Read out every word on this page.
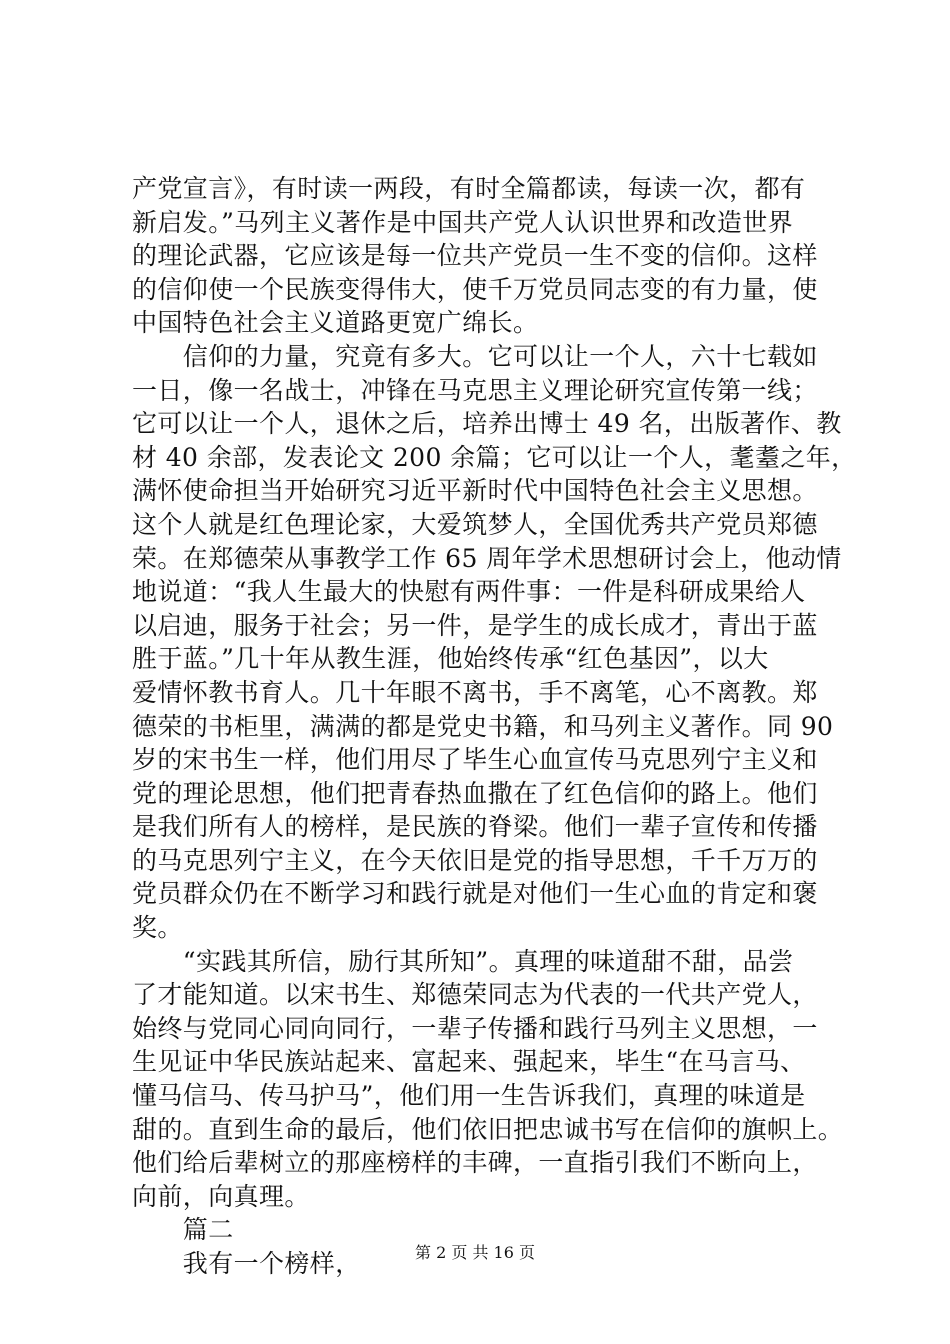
产党宣言》，有时读一两段，有时全篇都读，每读一次，都有
新启发。”马列主义著作是中国共产党人认识世界和改造世界
的理论武器，它应该是每一位共产党员一生不变的信仰。这样
的信仰使一个民族变得伟大，使千万党员同志变的有力量，使
中国特色社会主义道路更宽广绵长。
　　信仰的力量，究竟有多大。它可以让一个人，六十七载如
一日，像一名战士，冲锋在马克思主义理论研究宣传第一线；
它可以让一个人，退休之后，培养出博士 49 名，出版著作、教
材 40 余部，发表论文 200 余篇；它可以让一个人，耄耋之年，
满怀使命担当开始研究习近平新时代中国特色社会主义思想。
这个人就是红色理论家，大爱筑梦人，全国优秀共产党员郑德
荣。在郑德荣从事教学工作 65 周年学术思想研讨会上，他动情
地说道：“我人生最大的快慰有两件事：一件是科研成果给人
以启迪，服务于社会；另一件，是学生的成长成才，青出于蓝
胜于蓝。”几十年从教生涯，他始终传承“红色基因”，以大
爱情怀教书育人。几十年眼不离书，手不离笔，心不离教。郑
德荣的书柜里，满满的都是党史书籍，和马列主义著作。同 90
岁的宋书生一样，他们用尽了毕生心血宣传马克思列宁主义和
党的理论思想，他们把青春热血撒在了红色信仰的路上。他们
是我们所有人的榜样，是民族的脊梁。他们一辈子宣传和传播
的马克思列宁主义，在今天依旧是党的指导思想，千千万万的
党员群众仍在不断学习和践行就是对他们一生心血的肯定和褒
奖。
　　“实践其所信，励行其所知”。真理的味道甜不甜，品尝
了才能知道。以宋书生、郑德荣同志为代表的一代共产党人，
始终与党同心同向同行，一辈子传播和践行马列主义思想，一
生见证中华民族站起来、富起来、强起来，毕生“在马言马、
懂马信马、传马护马”，他们用一生告诉我们，真理的味道是
甜的。直到生命的最后，他们依旧把忠诚书写在信仰的旗帜上。
他们给后辈树立的那座榜样的丰碑，一直指引我们不断向上，
向前，向真理。
　　篇二
　　我有一个榜样，	第 2 页 共 16 页
